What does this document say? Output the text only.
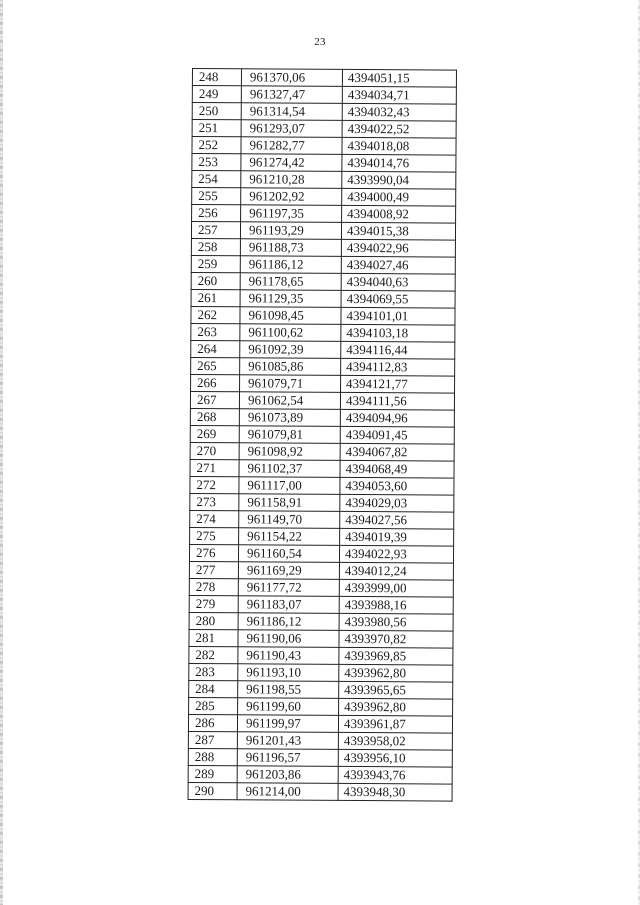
23
248	961370,06	4394051,15
249	961327,47	4394034,71
250	961314,54	4394032,43
251	961293,07	4394022,52
252	961282,77	4394018,08
253	961274,42	4394014,76
254	961210,28	4393990,04
255	961202,92	4394000,49
256	961197,35	4394008,92
257	961193,29	4394015,38
258	961188,73	4394022,96
259	961186,12	4394027,46
260	961178,65	4394040,63
261	961129,35	4394069,55
262	961098,45	4394101,01
263	961100,62	4394103,18
264	961092,39	4394116,44
265	961085,86	4394112,83
266	961079,71	4394121,77
267	961062,54	4394111,56
268	961073,89	4394094,96
269	961079,81	4394091,45
270	961098,92	4394067,82
271	961102,37	4394068,49
272	961117,00	4394053,60
273	961158,91	4394029,03
274	961149,70	4394027,56
275	961154,22	4394019,39
276	961160,54	4394022,93
277	961169,29	4394012,24
278	961177,72	4393999,00
279	961183,07	4393988,16
280	961186,12	4393980,56
281	961190,06	4393970,82
282	961190,43	4393969,85
283	961193,10	4393962,80
284	961198,55	4393965,65
285	961199,60	4393962,80
286	961199,97	4393961,87
287	961201,43	4393958,02
288	961196,57	4393956,10
289	961203,86	4393943,76
290	961214,00	4393948,30
